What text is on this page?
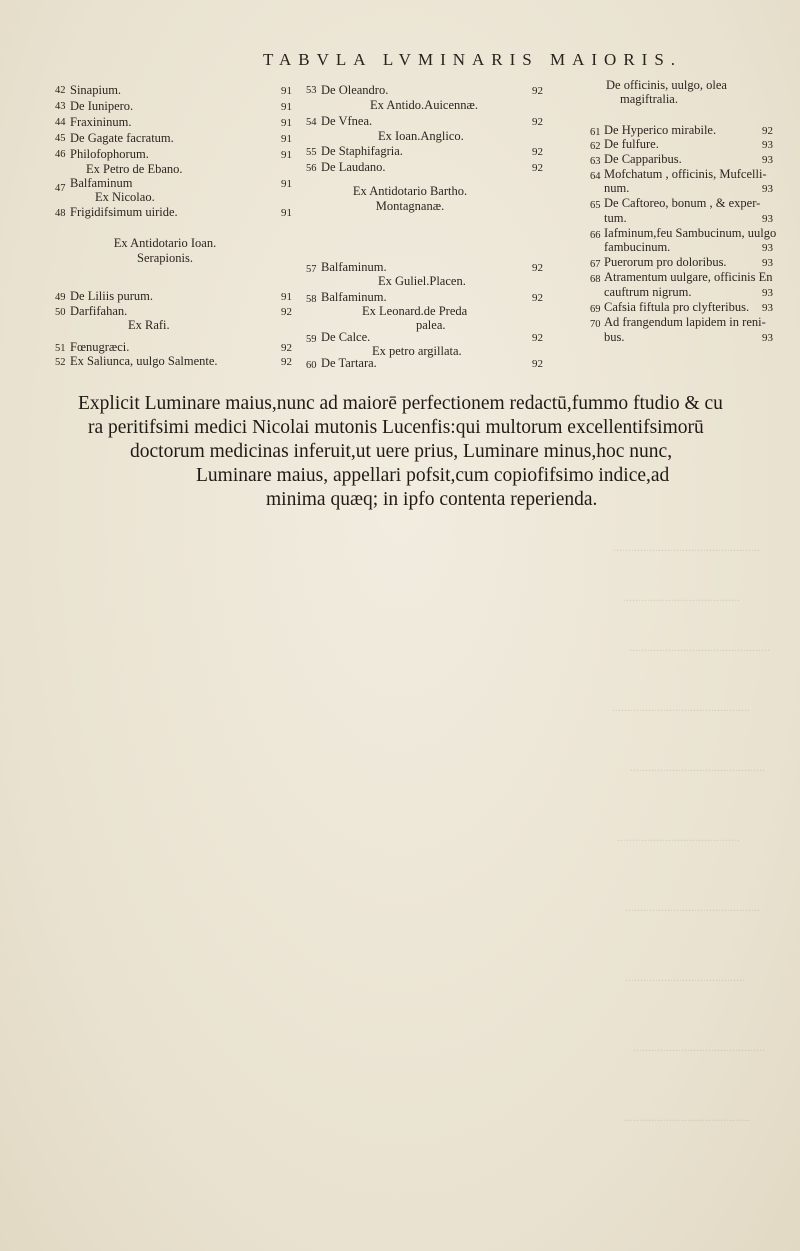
TABVLA LVMINARIS MAIORIS.
42 Sinapium.	91
43 De Iunipero.	91
44 Fraxininum.	91
45 De Gagate facratum.	91
46 Philofophorum.	91
Ex Petro de Ebano.
47 Balfaminum	91
Ex Nicolao.
48 Frigidifsimum uiride.	91
Ex Antidotario Ioan.
Serapionis.
49 De Liliis purum.	91
50 Darfifahan.	92
Ex Rafi.
51 Fœnugræci.	92
52 Ex Saliunca, uulgo Salmente.	92
53 De Oleandro.	92
Ex Antido.Auicennæ.
54 De Vfnea.	92
Ex Ioan.Anglico.
55 De Staphifagria.	92
56 De Laudano.	92
Ex Antidotario Bartho.
Montagnanæ.
57 Balfaminum.	92
Ex Guliel.Placen.
58 Balfaminum.	92
Ex Leonard.de Preda
palea.
59 De Calce.	92
Ex petro argillata.
60 De Tartara.	92
De officinis, uulgo, olea
magiftralia.
61 De Hyperico mirabile.	92
62 De fulfure.	93
63 De Capparibus.	93
64 Mofchatum , officinis, Mufcelli-
num.	93
65 De Caftoreo, bonum , & exper-
tum.	93
66 Iafminum,feu Sambucinum, uulgo
fambucinum.	93
67 Puerorum pro doloribus.	93
68 Atramentum uulgare, officinis En
cauftrum nigrum.	93
69 Cafsia fiftula pro clyfteribus. 93
70 Ad frangendum lapidem in reni-
bus.	93
Explicit Luminare maius,nunc ad maiorē perfectionem redactū,fummo ftudio & cu
ra peritifsimi medici Nicolai mutonis Lucenfis:qui multorum excellentifsimorū
doctorum medicinas inferuit,ut uere prius, Luminare minus,hoc nunc,
Luminare maius, appellari pofsit,cum copiofifsimo indice,ad
minima quæq; in ipfo contenta reperienda.
.................................................
.......................................
...............................................
..............................................
.............................................
.........................................
.............................................
........................................
............................................
..........................................
